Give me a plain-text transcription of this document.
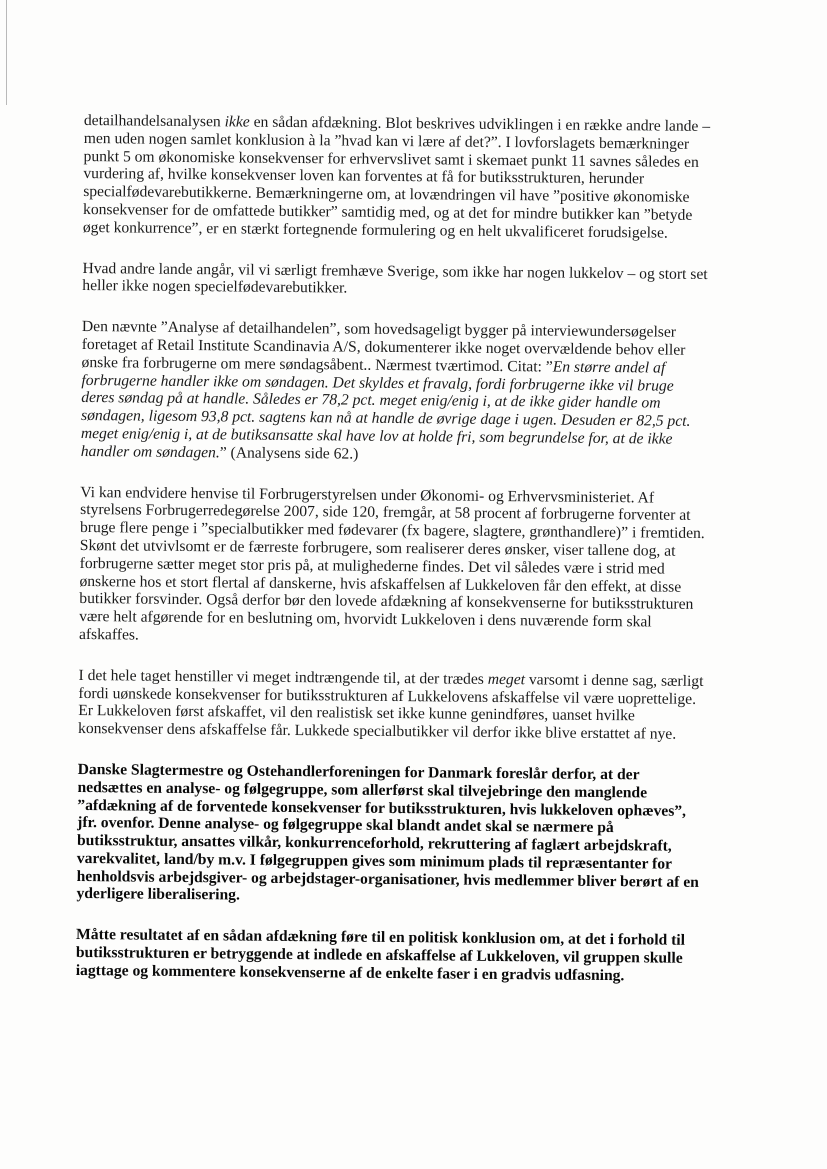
detailhandelsanalysen ikke en sådan afdækning. Blot beskrives udviklingen i en række andre lande –
men uden nogen samlet konklusion à la ”hvad kan vi lære af det?”. I lovforslagets bemærkninger
punkt 5 om økonomiske konsekvenser for erhvervslivet samt i skemaet punkt 11 savnes således en
vurdering af, hvilke konsekvenser loven kan forventes at få for butiksstrukturen, herunder
specialfødevarebutikkerne. Bemærkningerne om, at lovændringen vil have ”positive økonomiske
konsekvenser for de omfattede butikker” samtidig med, og at det for mindre butikker kan ”betyde
øget konkurrence”, er en stærkt fortegnende formulering og en helt ukvalificeret forudsigelse.

Hvad andre lande angår, vil vi særligt fremhæve Sverige, som ikke har nogen lukkelov – og stort set
heller ikke nogen specielfødevarebutikker.

Den nævnte ”Analyse af detailhandelen”, som hovedsageligt bygger på interviewundersøgelser
foretaget af Retail Institute Scandinavia A/S, dokumenterer ikke noget overvældende behov eller
ønske fra forbrugerne om mere søndagsåbent.. Nærmest tværtimod. Citat: ”En større andel af
forbrugerne handler ikke om søndagen. Det skyldes et fravalg, fordi forbrugerne ikke vil bruge
deres søndag på at handle. Således er 78,2 pct. meget enig/enig i, at de ikke gider handle om
søndagen, ligesom 93,8 pct. sagtens kan nå at handle de øvrige dage i ugen. Desuden er 82,5 pct.
meget enig/enig i, at de butiksansatte skal have lov at holde fri, som begrundelse for, at de ikke
handler om søndagen.” (Analysens side 62.)

Vi kan endvidere henvise til Forbrugerstyrelsen under Økonomi- og Erhvervsministeriet. Af
styrelsens Forbrugerredegørelse 2007, side 120, fremgår, at 58 procent af forbrugerne forventer at
bruge flere penge i ”specialbutikker med fødevarer (fx bagere, slagtere, grønthandlere)” i fremtiden.
Skønt det utvivlsomt er de færreste forbrugere, som realiserer deres ønsker, viser tallene dog, at
forbrugerne sætter meget stor pris på, at mulighederne findes. Det vil således være i strid med
ønskerne hos et stort flertal af danskerne, hvis afskaffelsen af Lukkeloven får den effekt, at disse
butikker forsvinder. Også derfor bør den lovede afdækning af konsekvenserne for butiksstrukturen
være helt afgørende for en beslutning om, hvorvidt Lukkeloven i dens nuværende form skal
afskaffes.

I det hele taget henstiller vi meget indtrængende til, at der trædes meget varsomt i denne sag, særligt
fordi uønskede konsekvenser for butiksstrukturen af Lukkelovens afskaffelse vil være uoprettelige.
Er Lukkeloven først afskaffet, vil den realistisk set ikke kunne genindføres, uanset hvilke
konsekvenser dens afskaffelse får. Lukkede specialbutikker vil derfor ikke blive erstattet af nye.

Danske Slagtermestre og Ostehandlerforeningen for Danmark foreslår derfor, at der
nedsættes en analyse- og følgegruppe, som allerførst skal tilvejebringe den manglende
”afdækning af de forventede konsekvenser for butiksstrukturen, hvis lukkeloven ophæves”,
jfr. ovenfor. Denne analyse- og følgegruppe skal blandt andet skal se nærmere på
butiksstruktur, ansattes vilkår, konkurrenceforhold, rekruttering af faglært arbejdskraft,
varekvalitet, land/by m.v. I følgegruppen gives som minimum plads til repræsentanter for
henholdsvis arbejdsgiver- og arbejdstager-organisationer, hvis medlemmer bliver berørt af en
yderligere liberalisering.

Måtte resultatet af en sådan afdækning føre til en politisk konklusion om, at det i forhold til
butiksstrukturen er betryggende at indlede en afskaffelse af Lukkeloven, vil gruppen skulle
iagttage og kommentere konsekvenserne af de enkelte faser i en gradvis udfasning.
